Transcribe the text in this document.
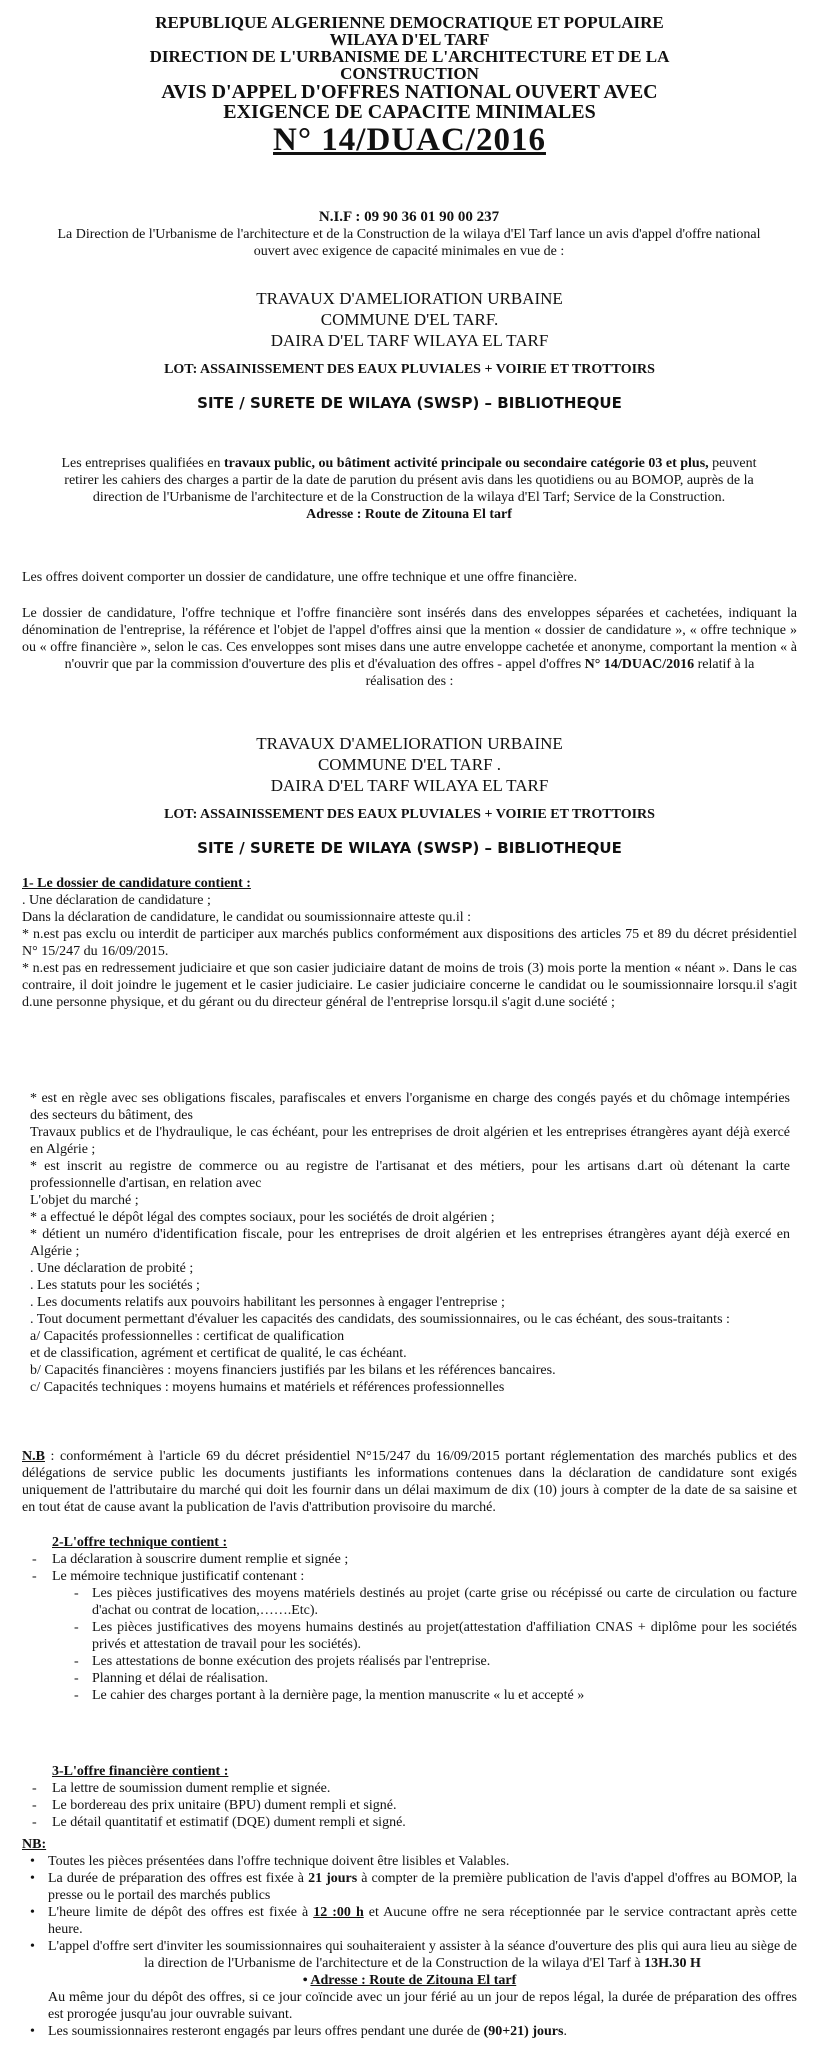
REPUBLIQUE ALGERIENNE DEMOCRATIQUE ET POPULAIRE
WILAYA D'EL TARF
DIRECTION DE L'URBANISME DE L'ARCHITECTURE ET DE LA
CONSTRUCTION
AVIS D'APPEL D'OFFRES NATIONAL OUVERT AVEC
EXIGENCE DE CAPACITE MINIMALES
N° 14/DUAC/2016
N.I.F : 09 90 36 01 90 00 237
La Direction de l'Urbanisme de l'architecture et de la Construction de la wilaya d'El Tarf lance un avis d'appel d'offre national ouvert avec exigence de capacité minimales en vue de :
TRAVAUX D'AMELIORATION URBAINE
COMMUNE D'EL TARF.
DAIRA D'EL TARF WILAYA EL TARF
LOT: ASSAINISSEMENT DES EAUX PLUVIALES + VOIRIE ET TROTTOIRS
SITE / SURETE DE WILAYA (SWSP) – BIBLIOTHEQUE
Les entreprises qualifiées en travaux public, ou bâtiment activité principale ou secondaire catégorie 03 et plus, peuvent retirer les cahiers des charges a partir de la date de parution du présent avis dans les quotidiens ou au BOMOP, auprès de la direction de l'Urbanisme de l'architecture et de la Construction de la wilaya d'El Tarf; Service de la Construction.
Adresse : Route de Zitouna El tarf
Les offres doivent comporter un dossier de candidature, une offre technique et une offre financière.
Le dossier de candidature, l'offre technique et l'offre financière sont insérés dans des enveloppes séparées et cachetées, indiquant la dénomination de l'entreprise, la référence et l'objet de l'appel d'offres ainsi que la mention « dossier de candidature », « offre technique » ou « offre financière », selon le cas. Ces enveloppes sont mises dans une autre enveloppe cachetée et anonyme, comportant la mention « à n'ouvrir que par la commission d'ouverture des plis et d'évaluation des offres - appel d'offres N° 14/DUAC/2016 relatif à la
réalisation des :
TRAVAUX D'AMELIORATION URBAINE
COMMUNE D'EL TARF .
DAIRA D'EL TARF WILAYA EL TARF
LOT: ASSAINISSEMENT DES EAUX PLUVIALES + VOIRIE ET TROTTOIRS
SITE / SURETE DE WILAYA (SWSP) – BIBLIOTHEQUE
1- Le dossier de candidature contient :
. Une déclaration de candidature ;
Dans la déclaration de candidature, le candidat ou soumissionnaire atteste qu.il :
* n.est pas exclu ou interdit de participer aux marchés publics conformément aux dispositions des articles 75 et 89 du décret présidentiel N° 15/247 du 16/09/2015.
* n.est pas en redressement judiciaire et que son casier judiciaire datant de moins de trois (3) mois porte la mention « néant ». Dans le cas contraire, il doit joindre le jugement et le casier judiciaire. Le casier judiciaire concerne le candidat ou le soumissionnaire lorsqu.il s'agit d.une personne physique, et du gérant ou du directeur général de l'entreprise lorsqu.il s'agit d.une société ;
* est en règle avec ses obligations fiscales, parafiscales et envers l'organisme en charge des congés payés et du chômage intempéries des secteurs du bâtiment, des
Travaux publics et de l'hydraulique, le cas échéant, pour les entreprises de droit algérien et les entreprises étrangères ayant déjà exercé en Algérie ;
* est inscrit au registre de commerce ou au registre de l'artisanat et des métiers, pour les artisans d.art où détenant la carte professionnelle d'artisan, en relation avec
L'objet du marché ;
* a effectué le dépôt légal des comptes sociaux, pour les sociétés de droit algérien ;
* détient un numéro d'identification fiscale, pour les entreprises de droit algérien et les entreprises étrangères ayant déjà exercé en Algérie ;
. Une déclaration de probité ;
. Les statuts pour les sociétés ;
. Les documents relatifs aux pouvoirs habilitant les personnes à engager l'entreprise ;
. Tout document permettant d'évaluer les capacités des candidats, des soumissionnaires, ou le cas échéant, des sous-traitants :
a/ Capacités professionnelles : certificat de qualification
et de classification, agrément et certificat de qualité, le cas échéant.
b/ Capacités financières : moyens financiers justifiés par les bilans et les références bancaires.
c/ Capacités techniques : moyens humains et matériels et références professionnelles
N.B : conformément à l'article 69 du décret présidentiel N°15/247 du 16/09/2015 portant réglementation des marchés publics et des délégations de service public les documents justifiants les informations contenues dans la déclaration de candidature sont exigés uniquement de l'attributaire du marché qui doit les fournir dans un délai maximum de dix (10) jours à compter de la date de sa saisine et en tout état de cause avant la publication de l'avis d'attribution provisoire du marché.
2-L'offre technique contient :
- La déclaration à souscrire dument remplie et signée ;
- Le mémoire technique justificatif contenant :
- Les pièces justificatives des moyens matériels destinés au projet (carte grise ou récépissé ou carte de circulation ou facture d'achat ou contrat de location,…….Etc).
- Les pièces justificatives des moyens humains destinés au projet(attestation d'affiliation CNAS + diplôme pour les sociétés privés et attestation de travail pour les sociétés).
- Les attestations de bonne exécution des projets réalisés par l'entreprise.
- Planning et délai de réalisation.
- Le cahier des charges portant à la dernière page, la mention manuscrite « lu et accepté »
3-L'offre financière contient :
- La lettre de soumission dument remplie et signée.
- Le bordereau des prix unitaire (BPU) dument rempli et signé.
- Le détail quantitatif et estimatif (DQE) dument rempli et signé.
NB:
• Toutes les pièces présentées dans l'offre technique doivent être lisibles et Valables.
• La durée de préparation des offres est fixée à 21 jours à compter de la première publication de l'avis d'appel d'offres au BOMOP, la presse ou le portail des marchés publics
• L'heure limite de dépôt des offres est fixée à 12 :00 h et Aucune offre ne sera réceptionnée par le service contractant après cette heure.
• L'appel d'offre sert d'inviter les soumissionnaires qui souhaiteraient y assister à la séance d'ouverture des plis qui aura lieu au siège de la direction de l'Urbanisme de l'architecture et de la Construction de la wilaya d'El Tarf à 13H.30 H
• Adresse : Route de Zitouna El tarf
Au même jour du dépôt des offres, si ce jour coïncide avec un jour férié au un jour de repos légal, la durée de préparation des offres est prorogée jusqu'au jour ouvrable suivant.
• Les soumissionnaires resteront engagés par leurs offres pendant une durée de (90+21) jours.
